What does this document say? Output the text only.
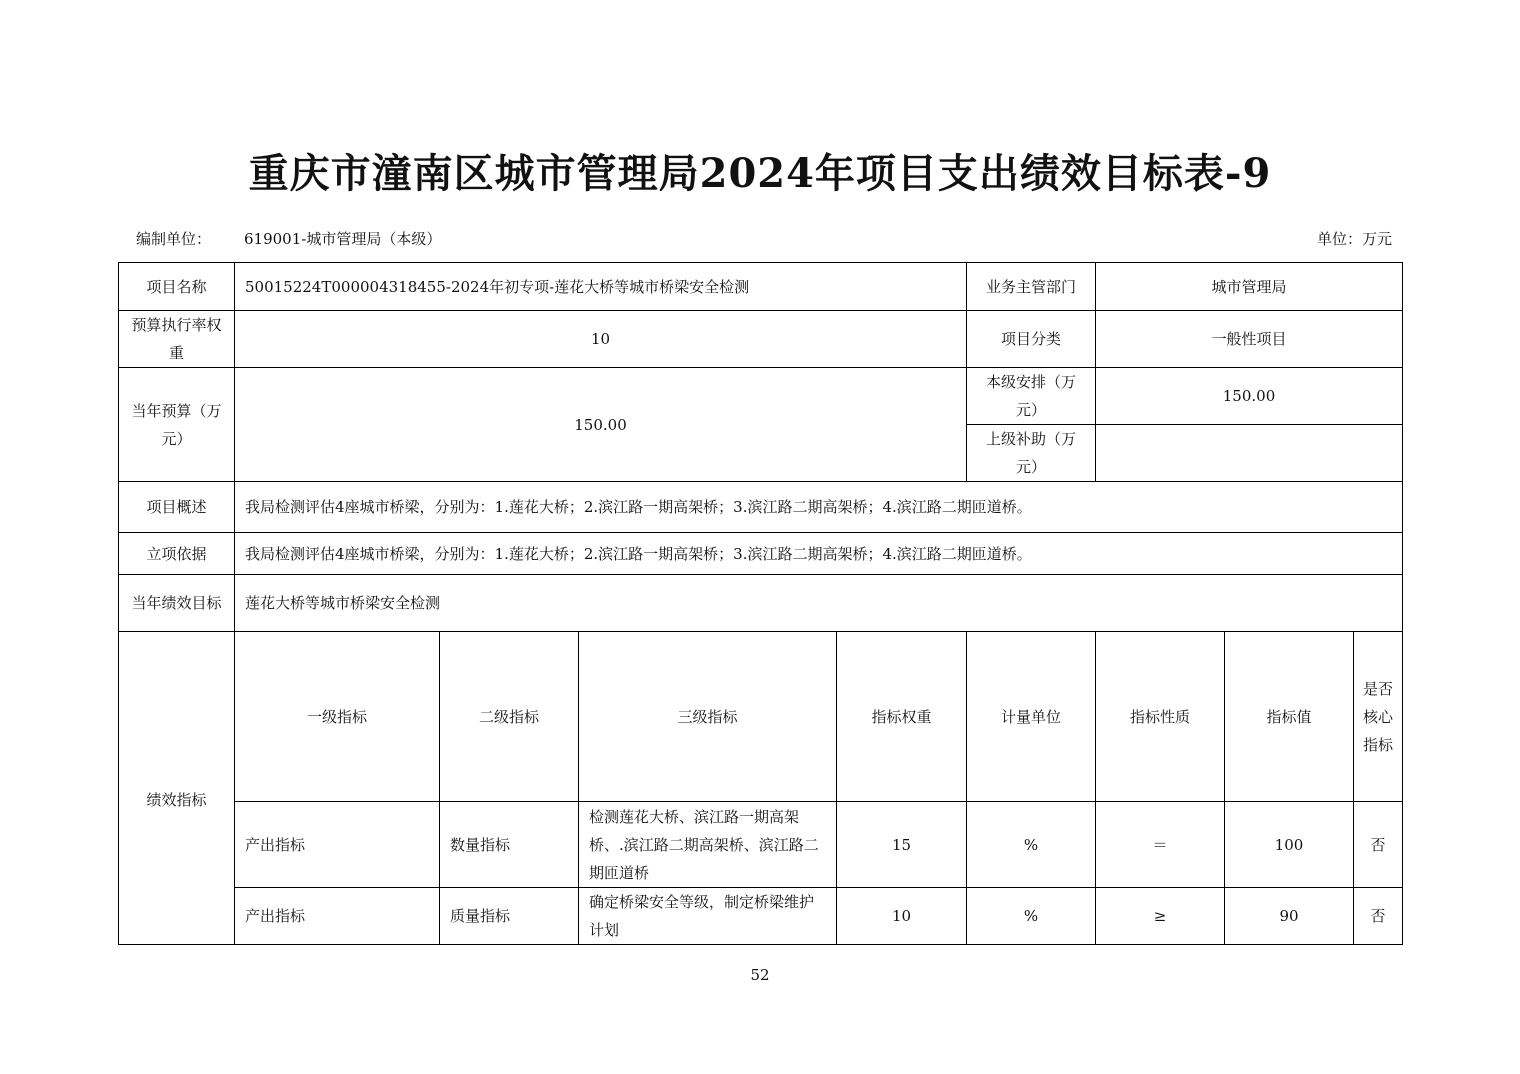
重庆市潼南区城市管理局2024年项目支出绩效目标表-9
编制单位： 619001-城市管理局（本级）	单位：万元
项目名称	50015224T000004318455-2024年初专项-莲花大桥等城市桥梁安全检测				业务主管部门	城市管理局		
预算执行率权重	10				项目分类	一般性项目		
当年预算（万元）	150.00				本级安排（万元）	150.00		
					上级补助（万元）			
项目概述	我局检测评估4座城市桥梁，分别为：1.莲花大桥；2.滨江路一期高架桥；3.滨江路二期高架桥；4.滨江路二期匝道桥。							
立项依据	我局检测评估4座城市桥梁，分别为：1.莲花大桥；2.滨江路一期高架桥；3.滨江路二期高架桥；4.滨江路二期匝道桥。							
当年绩效目标	莲花大桥等城市桥梁安全检测							
绩效指标	一级指标	二级指标	三级指标	指标权重	计量单位	指标性质	指标值	是否核心指标
	产出指标	数量指标	检测莲花大桥、滨江路一期高架桥、.滨江路二期高架桥、滨江路二期匝道桥	15	%	＝	100	否
	产出指标	质量指标	确定桥梁安全等级，制定桥梁维护计划	10	%	≥	90	否
52
